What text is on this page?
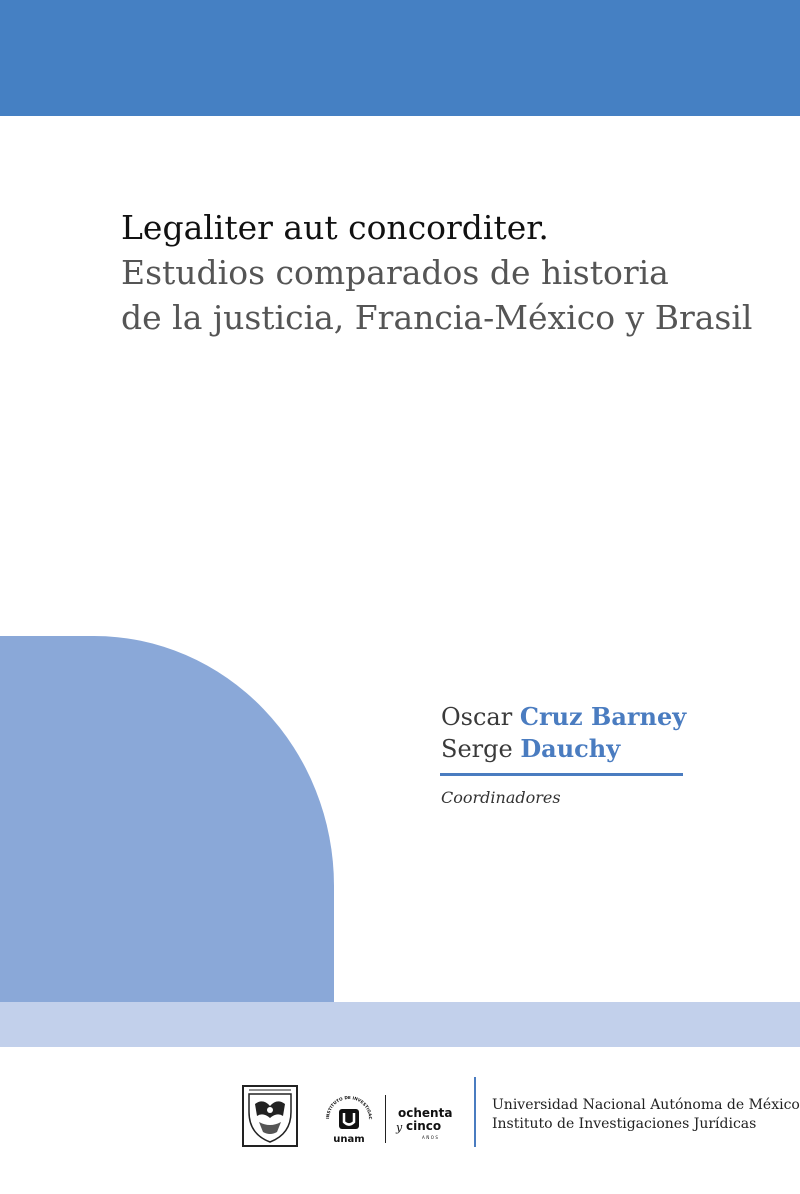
Legaliter aut concorditer.
Estudios comparados de historia
de la justicia, Francia-México y Brasil
Oscar Cruz Barney
Serge Dauchy
Coordinadores
INSTITUTO DE INVESTIGAC
unam
ochenta
y cinco
AÑOS
Universidad Nacional Autónoma de México
Instituto de Investigaciones Jurídicas
